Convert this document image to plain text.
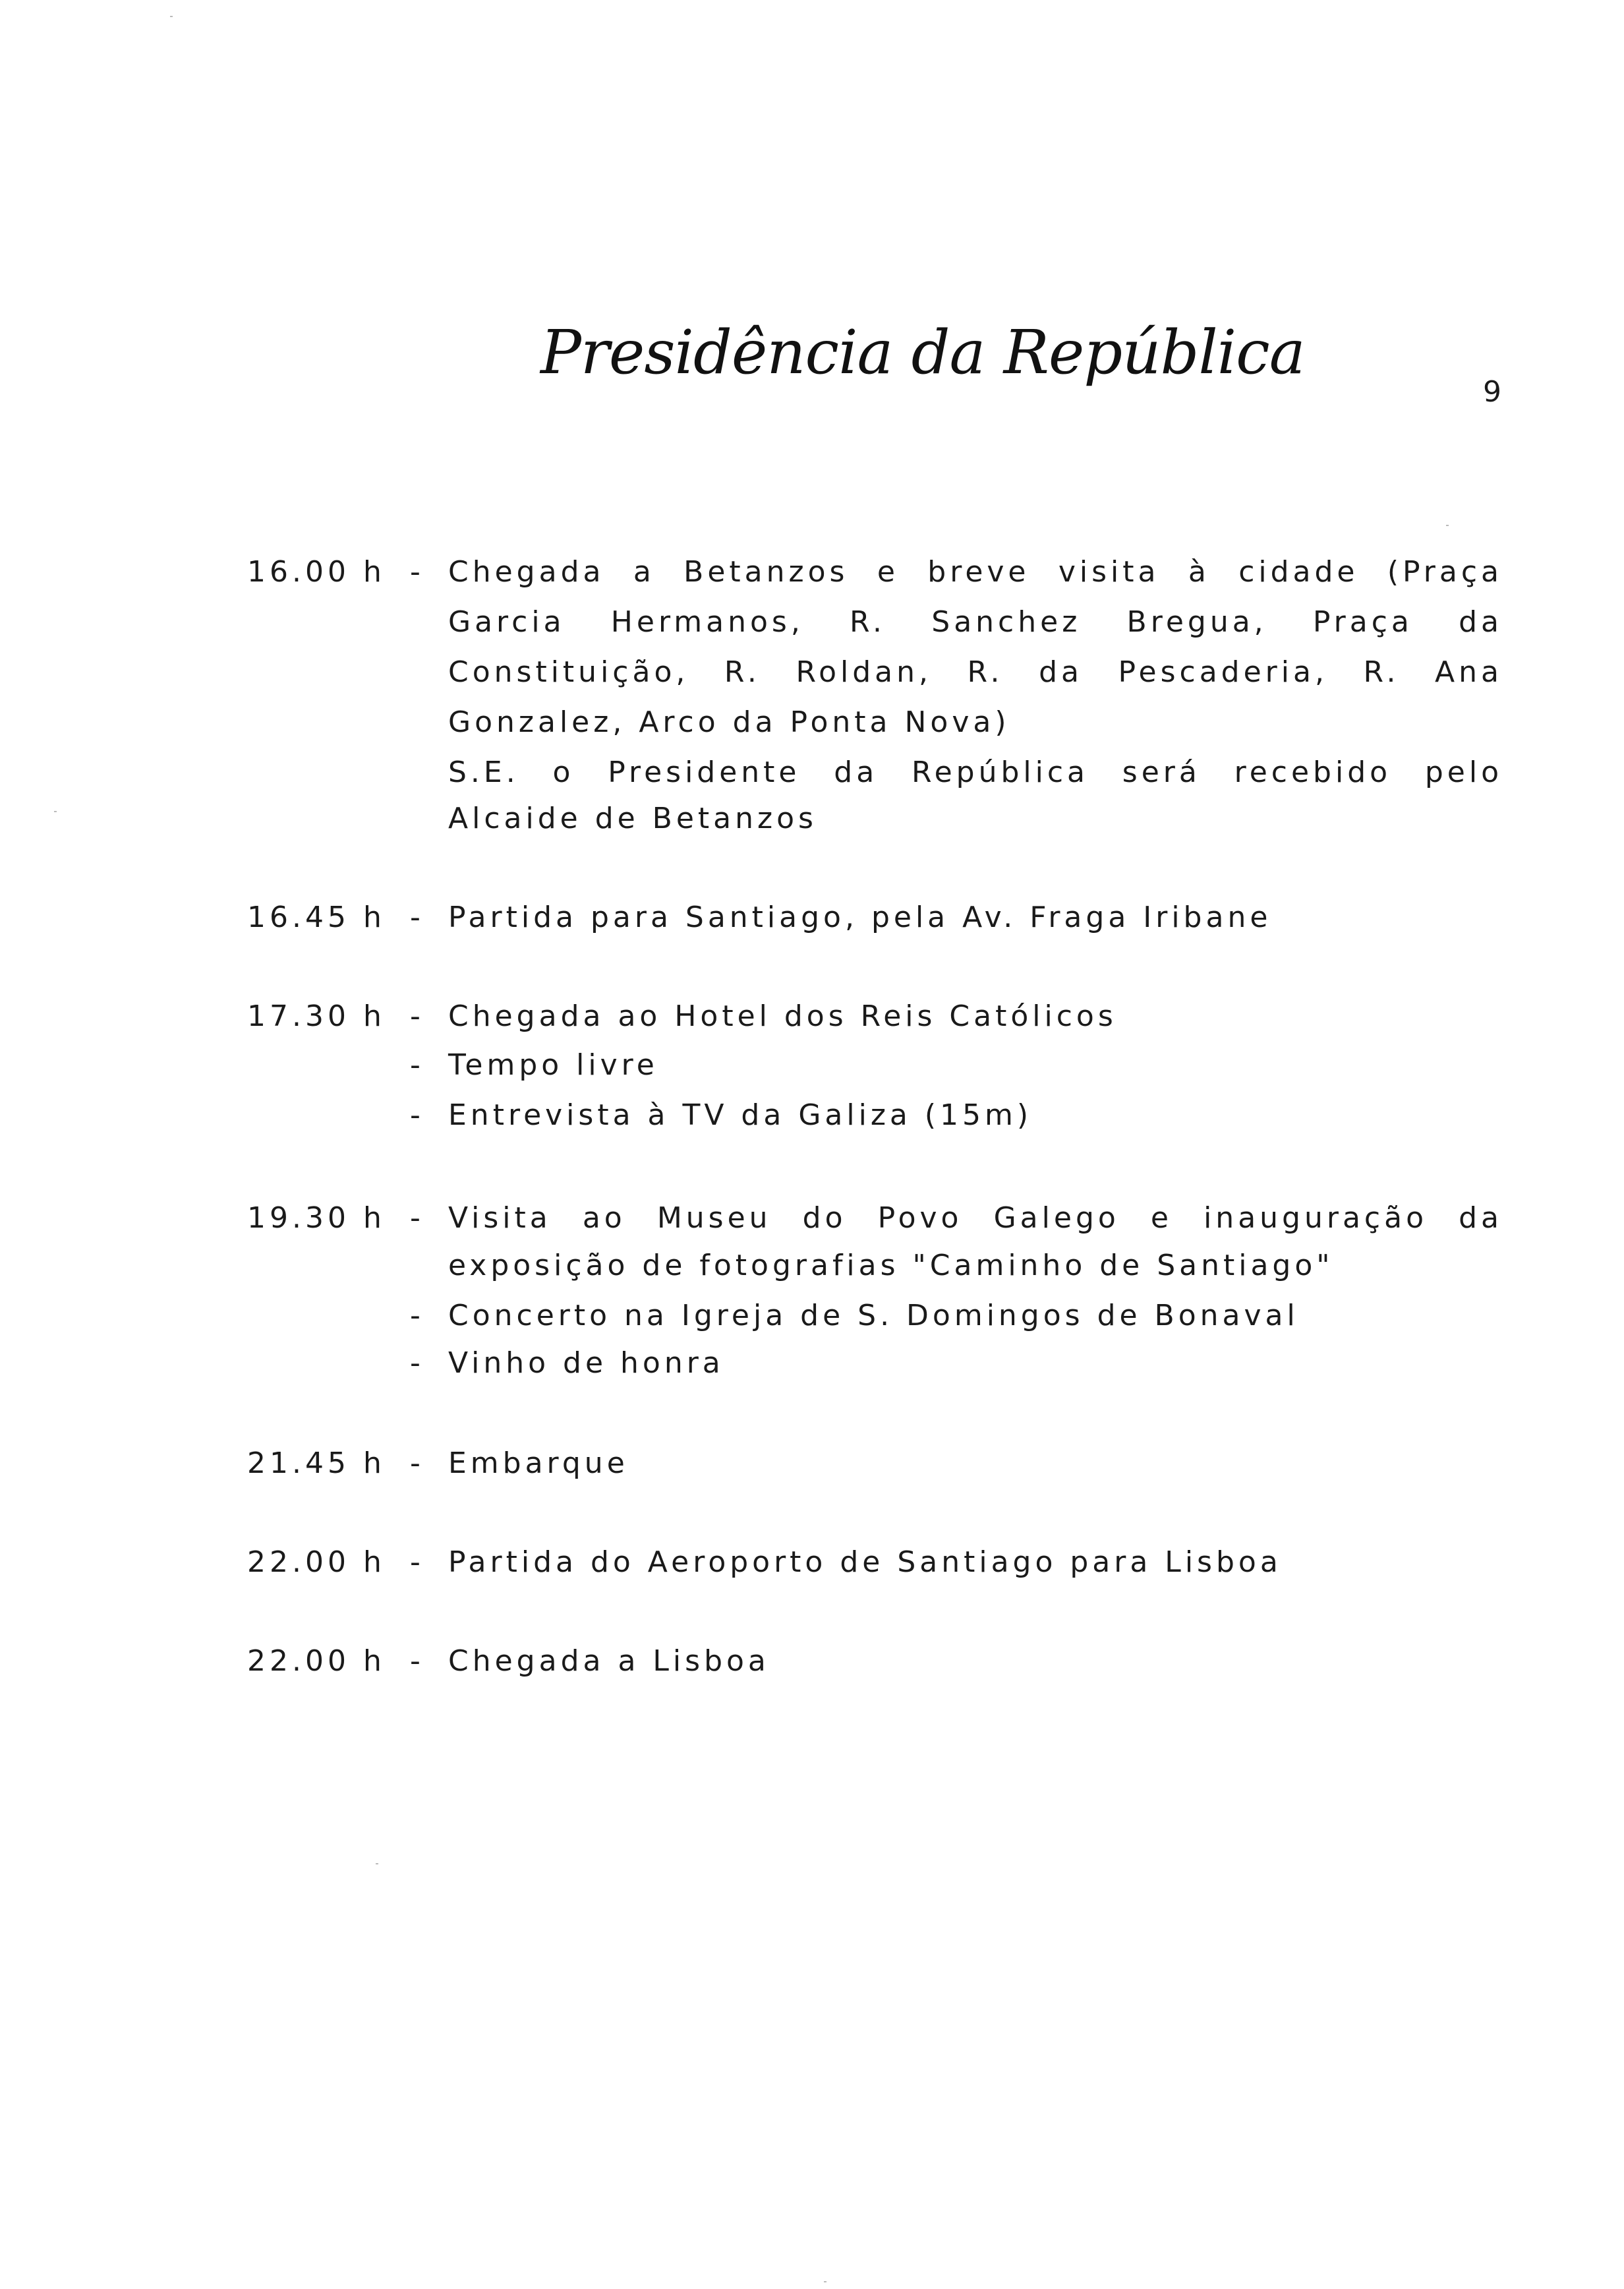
Presidência da República
9
16.00 h - Chegada a Betanzos e breve visita à cidade (Praça
Garcia Hermanos, R. Sanchez Bregua, Praça da
Constituição, R. Roldan, R. da Pescaderia, R. Ana
Gonzalez, Arco da Ponta Nova)
S.E. o Presidente da República será recebido pelo
Alcaide de Betanzos
16.45 h - Partida para Santiago, pela Av. Fraga Iribane
17.30 h - Chegada ao Hotel dos Reis Católicos
- Tempo livre
- Entrevista à TV da Galiza (15m)
19.30 h - Visita ao Museu do Povo Galego e inauguração da
exposição de fotografias "Caminho de Santiago"
- Concerto na Igreja de S. Domingos de Bonaval
- Vinho de honra
21.45 h - Embarque
22.00 h - Partida do Aeroporto de Santiago para Lisboa
22.00 h - Chegada a Lisboa
